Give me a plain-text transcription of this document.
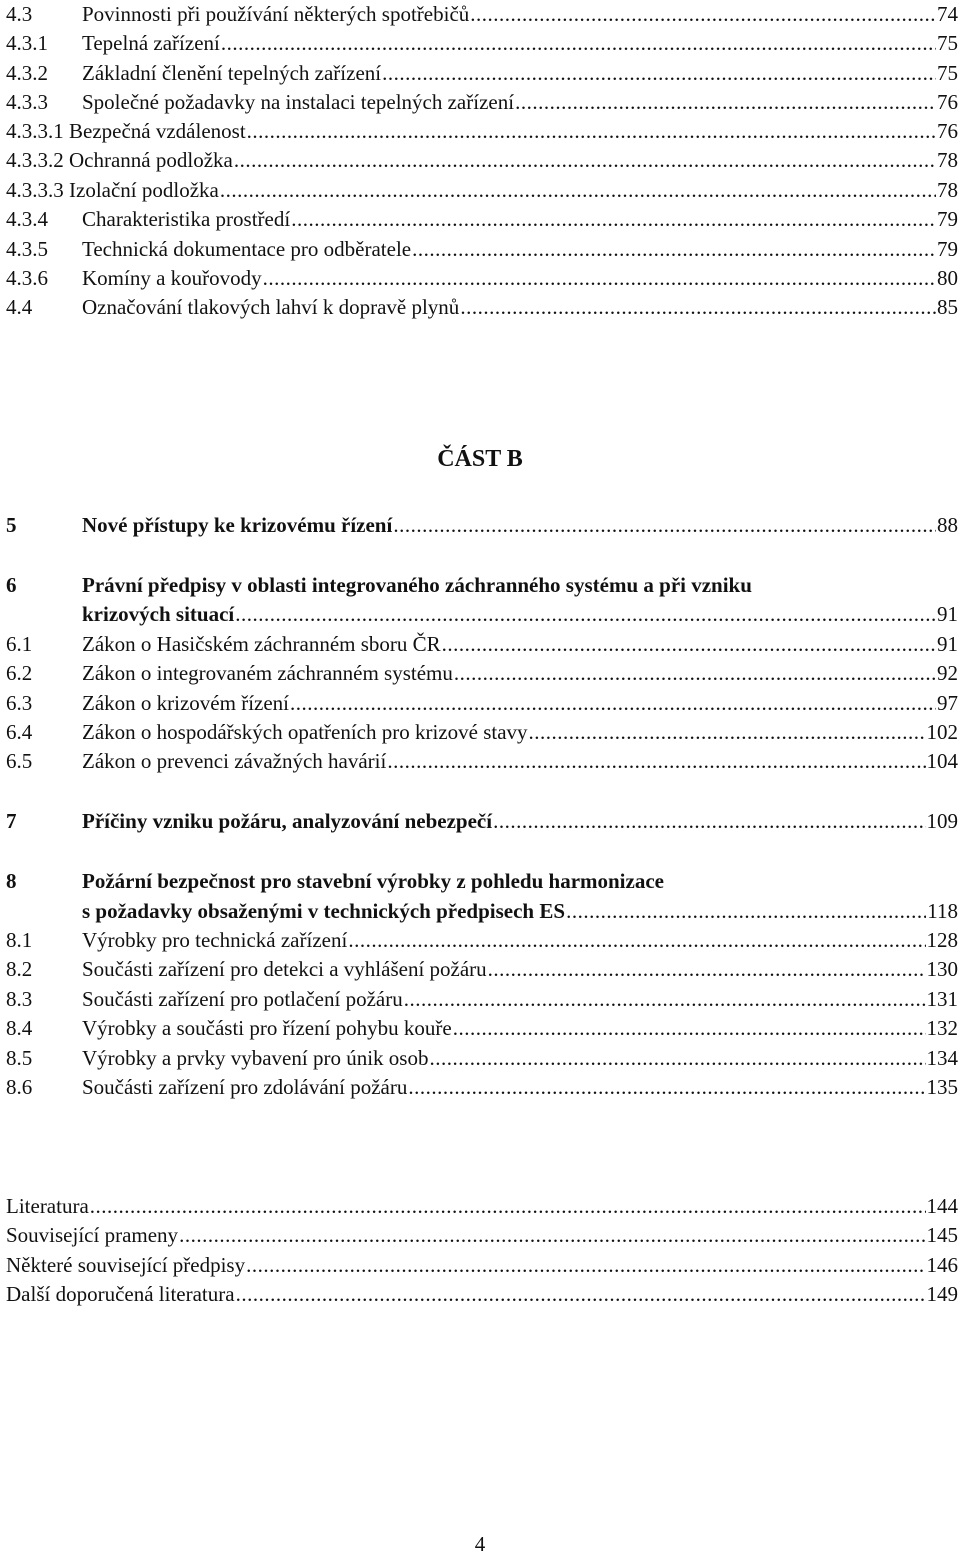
4.3 Povinnosti při používání některých spotřebičů .....	74
4.3.1 Tepelná zařízení .....	75
4.3.2 Základní členění tepelných zařízení .....	75
4.3.3 Společné požadavky na instalaci tepelných zařízení .....	76
4.3.3.1
Bezpečná vzdálenost .....	76
4.3.3.2
Ochranná podložka .....	78
4.3.3.3
Izolační podložka .....	78
4.3.4 Charakteristika prostředí .....	79
4.3.5 Technická dokumentace pro odběratele .....	79
4.3.6 Komíny a kouřovody .....	80
4.4 Označování tlakových lahví k dopravě plynů .....	85
5	Nové přístupy ke krizovému řízení .....	88
6	Právní předpisy v oblasti integrovaného záchranného systému a při vzniku
krizových situací .....	91
6.1 Zákon o Hasičském záchranném sboru ČR .....	91
6.2 Zákon o integrovaném záchranném systému .....	92
6.3 Zákon o krizovém řízení .....	97
6.4 Zákon o hospodářských opatřeních pro krizové stavy .....	102
6.5 Zákon o prevenci závažných havárií .....	104
7	Příčiny vzniku požáru, analyzování nebezpečí .....	109
8	Požární bezpečnost pro stavební výrobky z pohledu harmonizace
s požadavky obsaženými v technických předpisech ES .....	118
8.1 Výrobky pro technická zařízení .....	128
8.2 Součásti zařízení pro detekci a vyhlášení požáru .....	130
8.3 Součásti zařízení pro potlačení požáru .....	131
8.4 Výrobky a součásti pro řízení pohybu kouře .....	132
8.5 Výrobky a prvky vybavení pro únik osob .....	134
8.6 Součásti zařízení pro zdolávání požáru .....	135
Literatura .....	144
Související prameny .....	145
Některé související předpisy .....	146
Další doporučená literatura .....	149
ČÁST B
4
